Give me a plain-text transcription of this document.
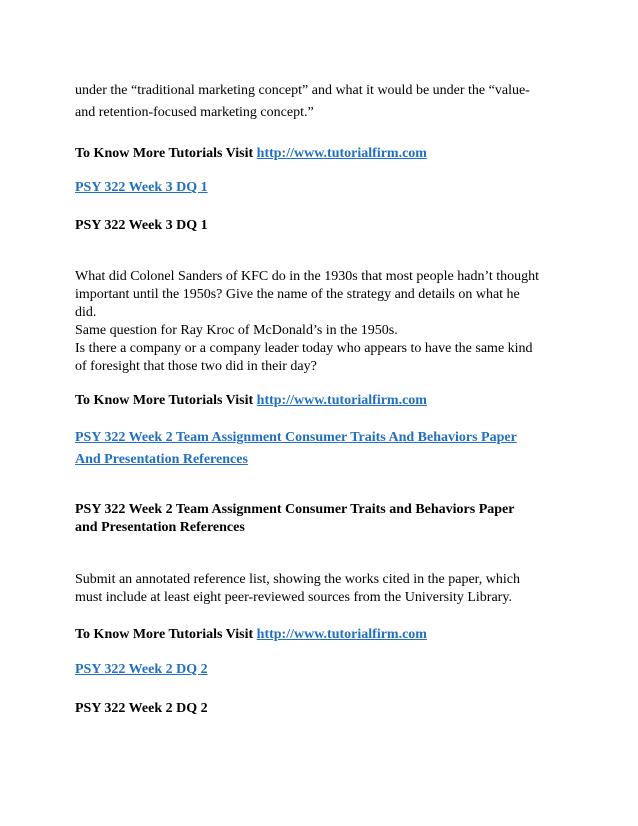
under the “traditional marketing concept” and what it would be under the “value-
and retention-focused marketing concept.”

To Know More Tutorials Visit http://www.tutorialfirm.com

PSY 322 Week 3 DQ 1

PSY 322 Week 3 DQ 1

What did Colonel Sanders of KFC do in the 1930s that most people hadn’t thought
important until the 1950s? Give the name of the strategy and details on what he
did.
Same question for Ray Kroc of McDonald’s in the 1950s.
Is there a company or a company leader today who appears to have the same kind
of foresight that those two did in their day?

To Know More Tutorials Visit http://www.tutorialfirm.com

PSY 322 Week 2 Team Assignment Consumer Traits And Behaviors Paper
And Presentation References

PSY 322 Week 2 Team Assignment Consumer Traits and Behaviors Paper
and Presentation References

Submit an annotated reference list, showing the works cited in the paper, which
must include at least eight peer-reviewed sources from the University Library.

To Know More Tutorials Visit http://www.tutorialfirm.com

PSY 322 Week 2 DQ 2

PSY 322 Week 2 DQ 2
